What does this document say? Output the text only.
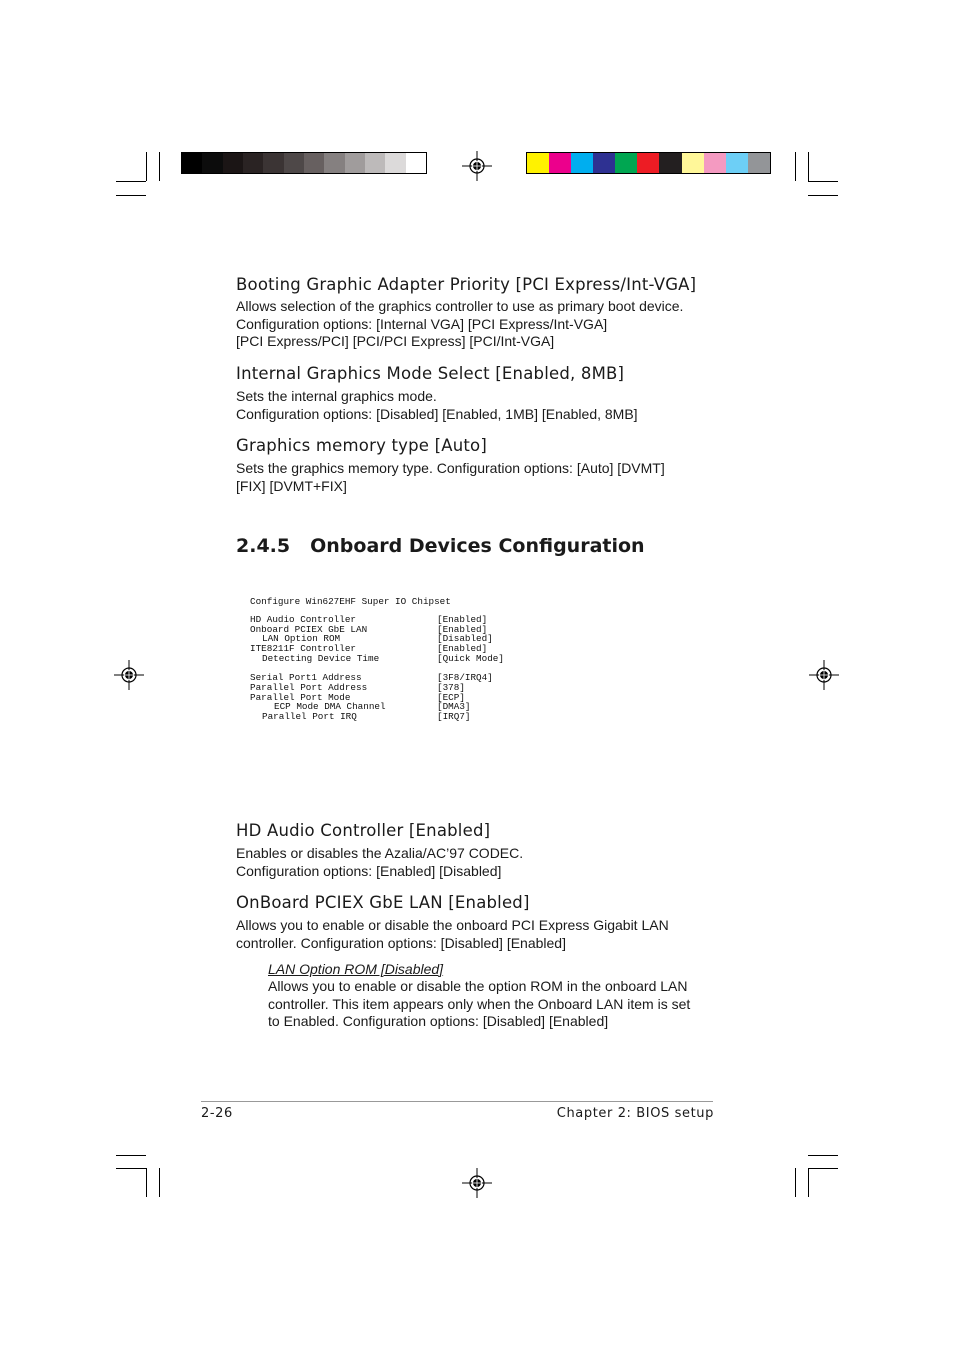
Booting Graphic Adapter Priority [PCI Express/Int-VGA]
Allows selection of the graphics controller to use as primary boot device.
Configuration options: [Internal VGA] [PCI Express/Int-VGA]
[PCI Express/PCI] [PCI/PCI Express] [PCI/Int-VGA]
Internal Graphics Mode Select [Enabled, 8MB]
Sets the internal graphics mode.
Configuration options: [Disabled] [Enabled, 1MB] [Enabled, 8MB]
Graphics memory type [Auto]
Sets the graphics memory type. Configuration options: [Auto] [DVMT]
[FIX] [DVMT+FIX]
2.4.5 Onboard Devices Configuration
Configure Win627EHF Super IO Chipset
HD Audio Controller	[Enabled]
Onboard PCIEX GbE LAN	[Enabled]
LAN Option ROM	[Disabled]
ITE8211F Controller	[Enabled]
Detecting Device Time	[Quick Mode]
Serial Port1 Address	[3F8/IRQ4]
Parallel Port Address	[378]
Parallel Port Mode	[ECP]
ECP Mode DMA Channel	[DMA3]
Parallel Port IRQ	[IRQ7]
HD Audio Controller [Enabled]
Enables or disables the Azalia/AC’97 CODEC.
Configuration options: [Enabled] [Disabled]
OnBoard PCIEX GbE LAN [Enabled]
Allows you to enable or disable the onboard PCI Express Gigabit LAN
controller. Configuration options: [Disabled] [Enabled]
LAN Option ROM [Disabled]
Allows you to enable or disable the option ROM in the onboard LAN
controller. This item appears only when the Onboard LAN item is set
to Enabled. Configuration options: [Disabled] [Enabled]
2-26	Chapter 2: BIOS setup
